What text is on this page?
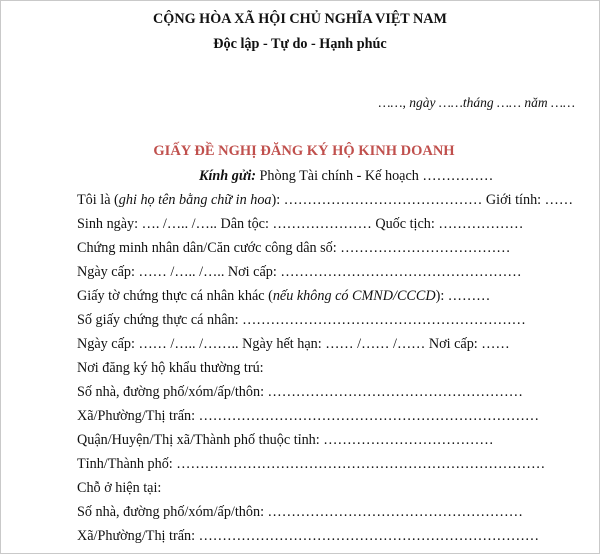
CỘNG HÒA XÃ HỘI CHỦ NGHĨA VIỆT NAM
Độc lập - Tự do - Hạnh phúc
……, ngày ……tháng …… năm ……
GIẤY ĐỀ NGHỊ ĐĂNG KÝ HỘ KINH DOANH
Kính gửi: Phòng Tài chính - Kế hoạch ……………
Tôi là (ghi họ tên bằng chữ in hoa): …………………………………… Giới tính: ……
Sinh ngày: …. /….. /….. Dân tộc: ………………… Quốc tịch: ………………
Chứng minh nhân dân/Căn cước công dân số: ………………………………
Ngày cấp: …… /….. /….. Nơi cấp: ……………………………………………
Giấy tờ chứng thực cá nhân khác (nếu không có CMND/CCCD): ………
Số giấy chứng thực cá nhân: ……………………………………………………
Ngày cấp: …… /….. /…….. Ngày hết hạn: …… /…… /…… Nơi cấp: ……
Nơi đăng ký hộ khẩu thường trú:
Số nhà, đường phố/xóm/ấp/thôn: ………………………………………………
Xã/Phường/Thị trấn: ………………………………………………………………
Quận/Huyện/Thị xã/Thành phố thuộc tỉnh: ………………………………
Tỉnh/Thành phố: ……………………………………………………………………
Chỗ ở hiện tại:
Số nhà, đường phố/xóm/ấp/thôn: ………………………………………………
Xã/Phường/Thị trấn: ………………………………………………………………
